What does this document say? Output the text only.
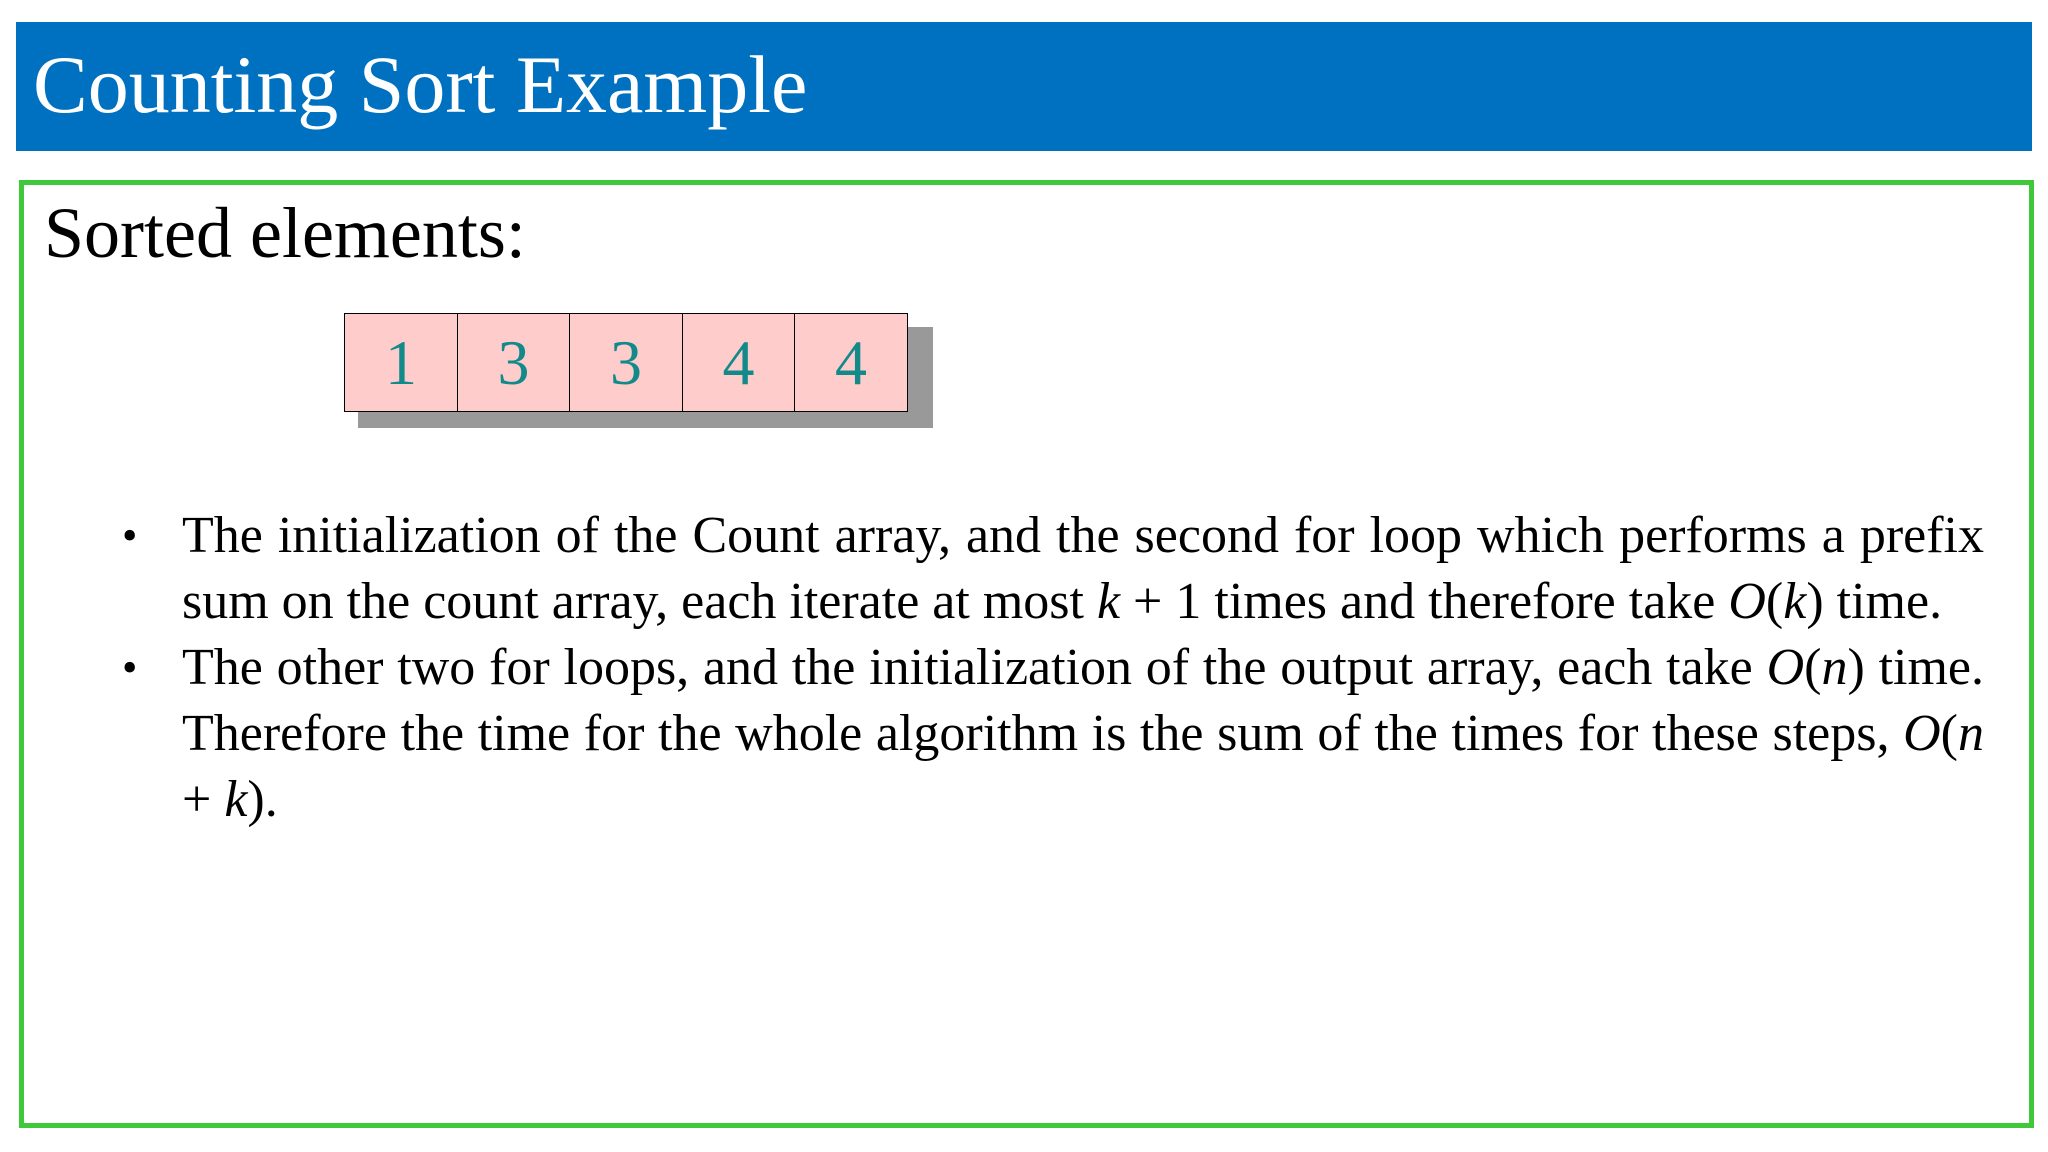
Counting Sort Example
Sorted elements:
1	3	3	4	4
• The initialization of the Count array, and the second for loop which performs a prefix sum on the count array, each iterate at most k + 1 times and therefore take O(k) time.
• The other two for loops, and the initialization of the output array, each take O(n) time. Therefore the time for the whole algorithm is the sum of the times for these steps, O(n + k).
